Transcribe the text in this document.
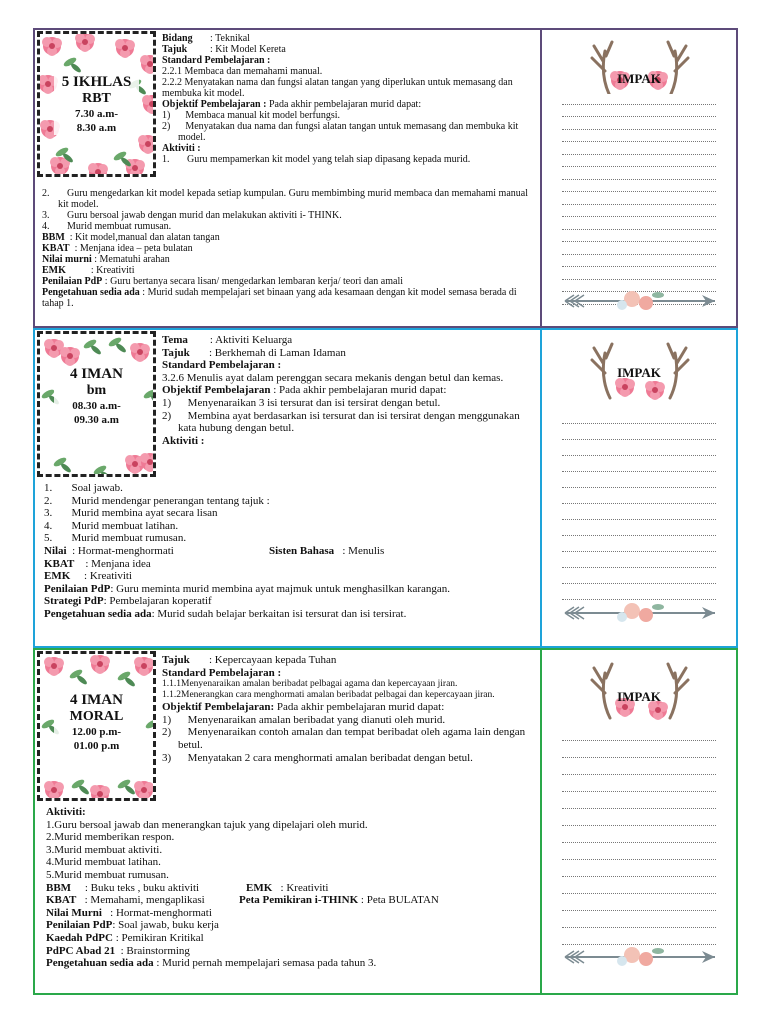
5 IKHLAS
RBT
7.30 a.m-
8.30 a.m

Bidang : Teknikal

Tajuk : Kit Model Kereta

Standard Pembelajaran :

2.2.1 Membaca dan memahami manual.

2.2.2 Menyatakan nama dan fungsi alatan tangan yang diperlukan untuk memasang dan membuka kit model.

Objektif Pembelajaran : Pada akhir pembelajaran murid dapat:

1)      Membaca manual kit model berfungsi.

2)      Menyatakan dua nama dan fungsi alatan tangan untuk memasang dan membuka kit model.

Aktiviti :

1.       Guru mempamerkan kit model yang telah siap dipasang kepada murid.

2.       Guru mengedarkan kit model kepada setiap kumpulan. Guru membimbing murid membaca dan memahami manual kit model.

3.       Guru bersoal jawab dengan murid dan melakukan aktiviti i- THINK.

4.       Murid membuat rumusan.

BBM  : Kit model,manual dan alatan tangan

KBAT  : Menjana idea – peta bulatan

Nilai murni : Mematuhi arahan

EMK          : Kreativiti

Penilaian PdP : Guru bertanya secara lisan/ mengedarkan lembaran kerja/ teori dan amali

Pengetahuan sedia ada : Murid sudah mempelajari set binaan yang ada kesamaan dengan kit model semasa berada di tahap 1.

IMPAK
4 IMAN
bm
08.30 a.m-
09.30 a.m

Tema        : Aktiviti Keluarga

Tajuk       : Berkhemah di Laman Idaman

Standard Pembelajaran :

3.2.6 Menulis ayat dalam perenggan secara mekanis dengan betul dan kemas.

Objektif Pembelajaran : Pada akhir pembelajaran murid dapat:

1)      Menyenaraikan 3 isi tersurat dan isi tersirat dengan betul.

2)      Membina ayat berdasarkan isi tersurat dan isi tersirat dengan menggunakan kata hubung dengan betul.

Aktiviti :

1.       Soal jawab.

2.       Murid mendengar penerangan tentang tajuk :

3.       Murid membina ayat secara lisan

4.       Murid membuat latihan.

5.       Murid membuat rumusan.

Nilai  : Hormat-menghormati	Sisten Bahasa   : Menulis

KBAT    : Menjana idea

EMK     : Kreativiti

Penilaian PdP: Guru meminta murid membina ayat majmuk untuk menghasilkan karangan.

Strategi PdP: Pembelajaran koperatif

Pengetahuan sedia ada: Murid sudah belajar berkaitan isi tersurat dan isi tersirat.

IMPAK
4 IMAN
MORAL
12.00 p.m-
01.00 p.m

Tajuk       : Kepercayaan kepada Tuhan

Standard Pembelajaran :

1.1.1Menyenaraikan amalan beribadat pelbagai agama dan kepercayaan jiran.

1.1.2Menerangkan cara menghormati amalan beribadat pelbagai dan kepercayaan jiran.

Objektif Pembelajaran: Pada akhir pembelajaran murid dapat:

1)      Menyenaraikan amalan beribadat yang dianuti oleh murid.

2)      Menyenaraikan contoh amalan dan tempat beribadat oleh agama lain dengan betul.

3)      Menyatakan 2 cara menghormati amalan beribadat dengan betul.

Aktiviti:

1.Guru bersoal jawab dan menerangkan tajuk yang dipelajari oleh murid.

2.Murid memberikan respon.

3.Murid membuat aktiviti.

4.Murid membuat latihan.

5.Murid membuat rumusan.

BBM     : Buku teks , buku aktiviti	EMK   : Kreativiti

KBAT   : Memahami, mengaplikasi	Peta Pemikiran i-THINK : Peta BULATAN

Nilai Murni   : Hormat-menghormati

Penilaian PdP: Soal jawab, buku kerja

Kaedah PdPC : Pemikiran Kritikal

PdPC Abad 21  : Brainstorming

Pengetahuan sedia ada : Murid pernah mempelajari semasa pada tahun 3.

IMPAK
